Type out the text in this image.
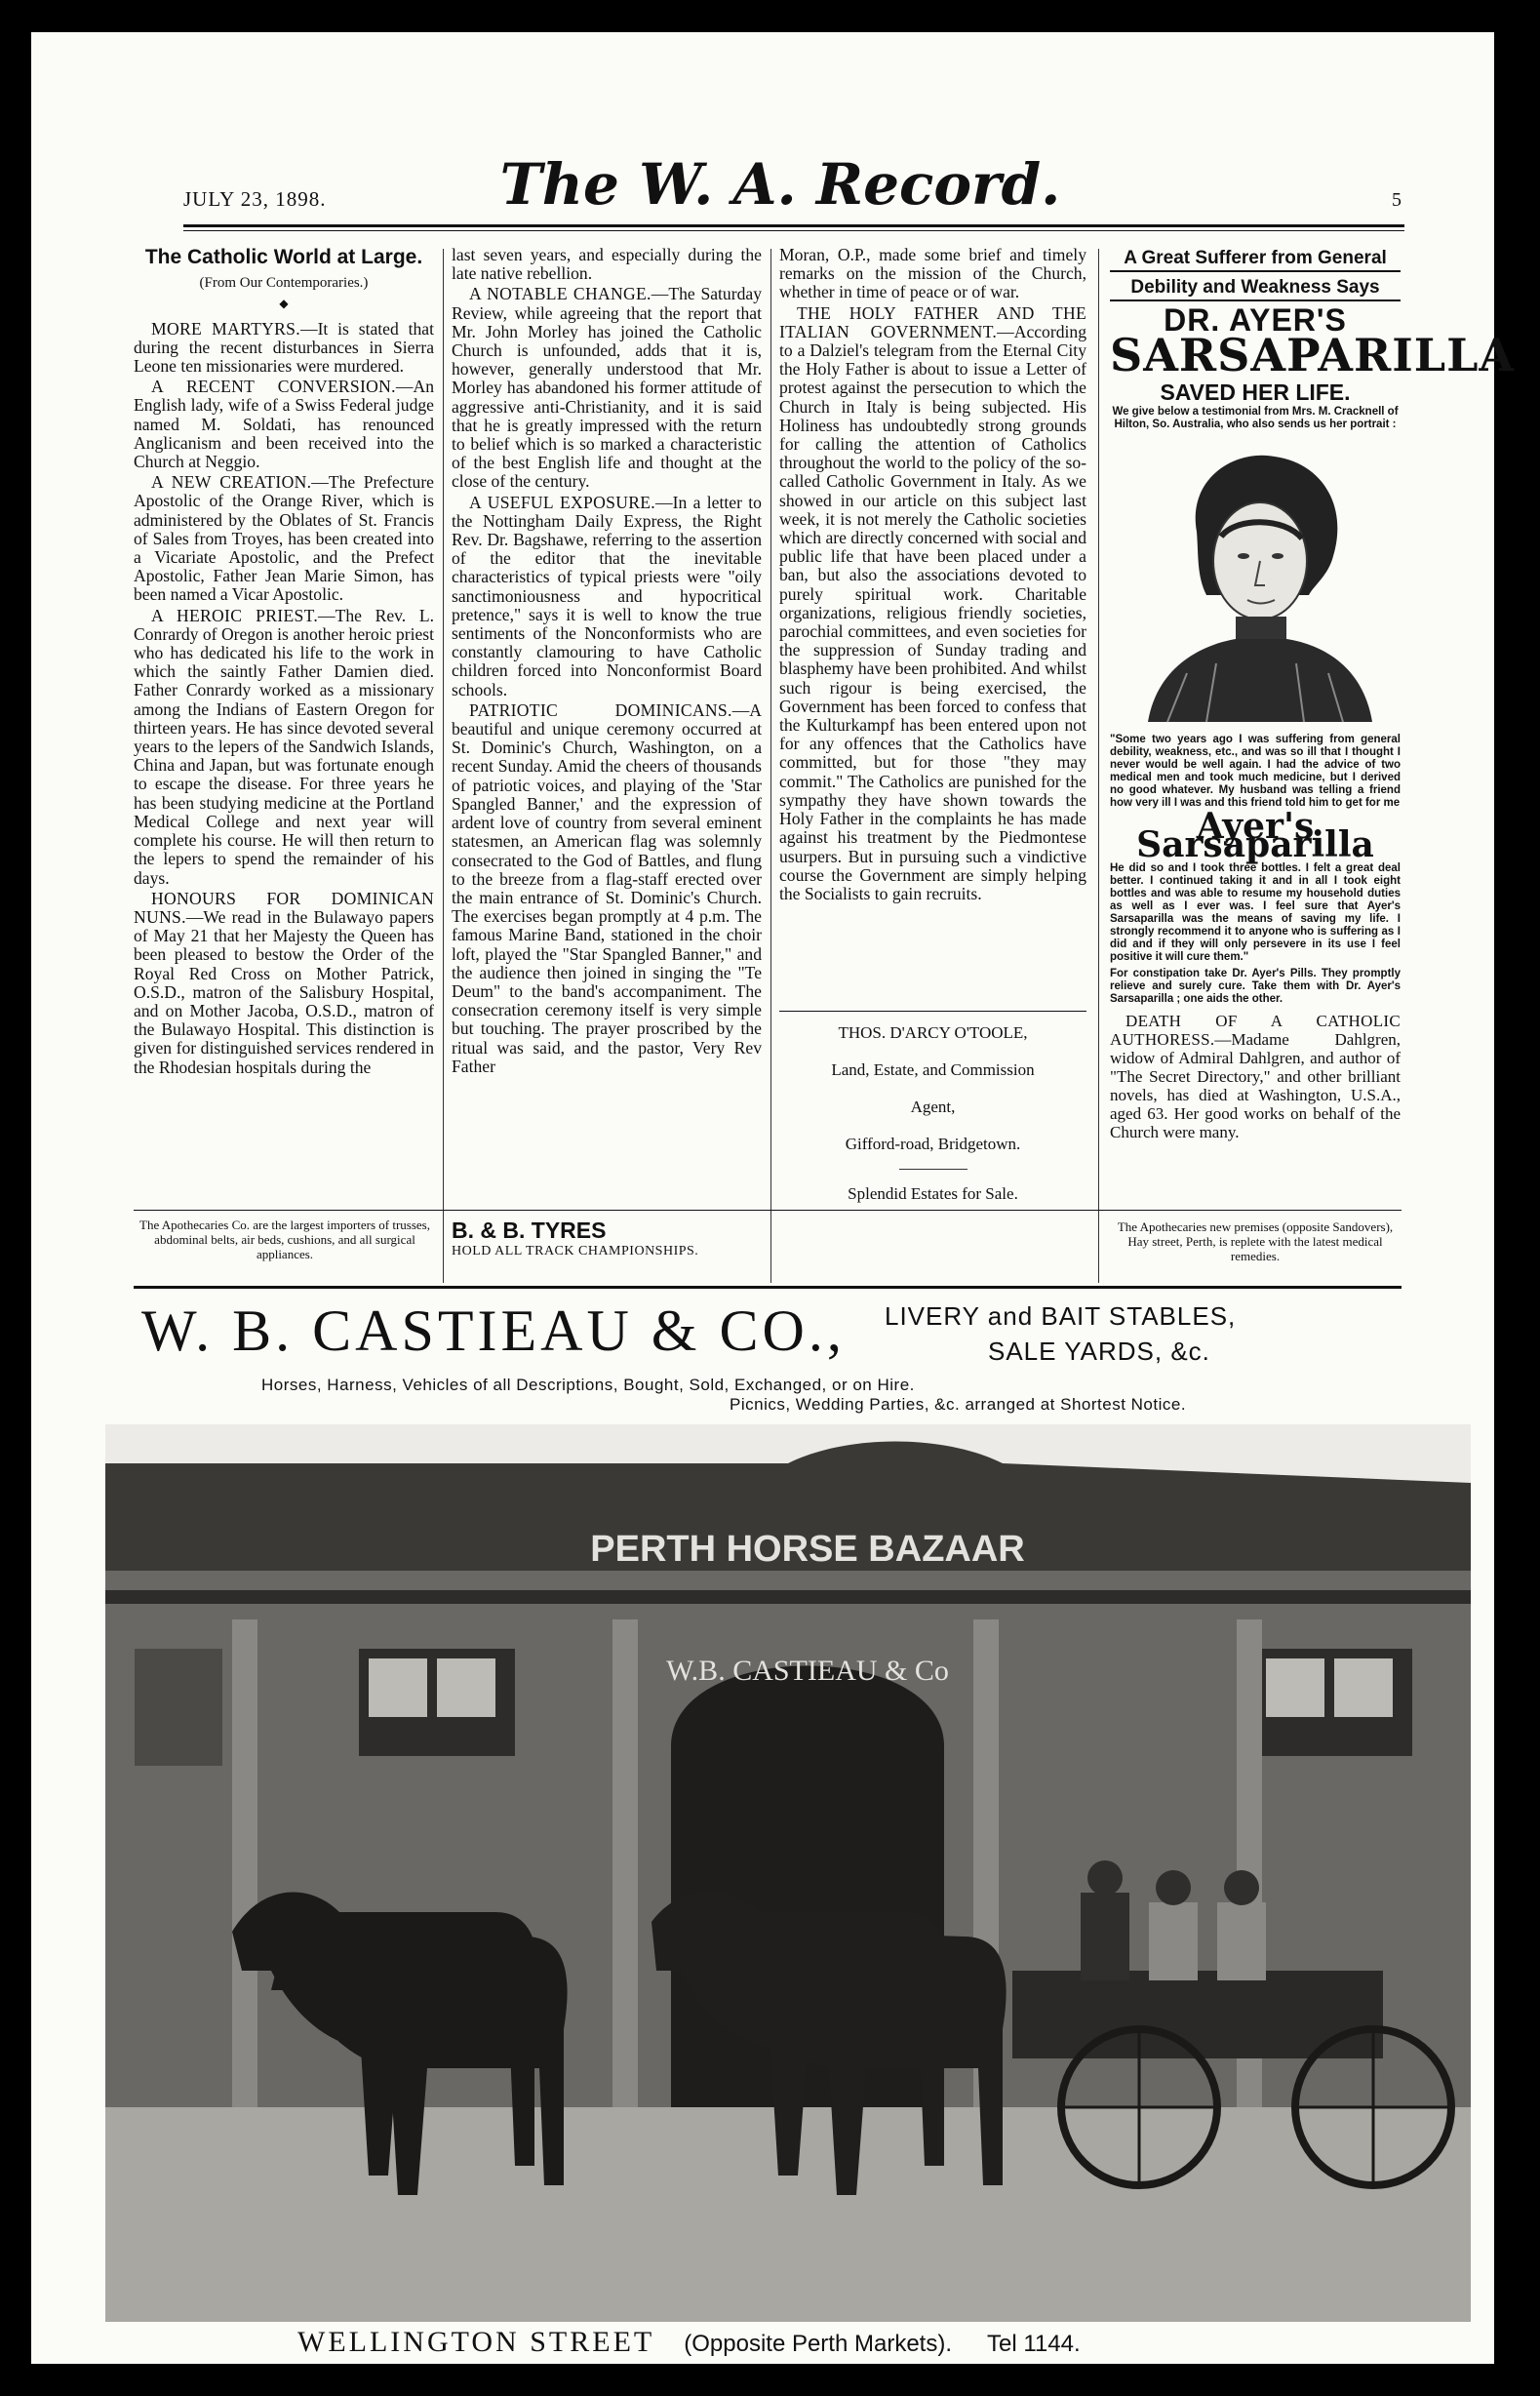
JULY 23, 1898.	The W. A. Record.	5
The Catholic World at Large.
(From Our Contemporaries.)
◆

MORE MARTYRS.—It is stated that during the recent disturbances in Sierra Leone ten missionaries were murdered.

A RECENT CONVERSION.—An English lady, wife of a Swiss Federal judge named M. Soldati, has renounced Anglicanism and been received into the Church at Neggio.

A NEW CREATION.—The Prefecture Apostolic of the Orange River, which is administered by the Oblates of St. Francis of Sales from Troyes, has been created into a Vicariate Apostolic, and the Prefect Apostolic, Father Jean Marie Simon, has been named a Vicar Apostolic.

A HEROIC PRIEST.—The Rev. L. Conrardy of Oregon is another heroic priest who has dedicated his life to the work in which the saintly Father Damien died. Father Conrardy worked as a missionary among the Indians of Eastern Oregon for thirteen years. He has since devoted several years to the lepers of the Sandwich Islands, China and Japan, but was fortunate enough to escape the disease. For three years he has been studying medicine at the Portland Medical College and next year will complete his course. He will then return to the lepers to spend the remainder of his days.

HONOURS FOR DOMINICAN NUNS.—We read in the Bulawayo papers of May 21 that her Majesty the Queen has been pleased to bestow the Order of the Royal Red Cross on Mother Patrick, O.S.D., matron of the Salisbury Hospital, and on Mother Jacoba, O.S.D., matron of the Bulawayo Hospital. This distinction is given for distinguished services rendered in the Rhodesian hospitals during the

last seven years, and especially during the late native rebellion.

A NOTABLE CHANGE.—The Saturday Review, while agreeing that the report that Mr. John Morley has joined the Catholic Church is unfounded, adds that it is, however, generally understood that Mr. Morley has abandoned his former attitude of aggressive anti-Christianity, and it is said that he is greatly impressed with the return to belief which is so marked a characteristic of the best English life and thought at the close of the century.

A USEFUL EXPOSURE.—In a letter to the Nottingham Daily Express, the Right Rev. Dr. Bagshawe, referring to the assertion of the editor that the inevitable characteristics of typical priests were "oily sanctimoniousness and hypocritical pretence," says it is well to know the true sentiments of the Nonconformists who are constantly clamouring to have Catholic children forced into Nonconformist Board schools.

PATRIOTIC DOMINICANS.—A beautiful and unique ceremony occurred at St. Dominic's Church, Washington, on a recent Sunday. Amid the cheers of thousands of patriotic voices, and playing of the 'Star Spangled Banner,' and the expression of ardent love of country from several eminent statesmen, an American flag was solemnly consecrated to the God of Battles, and flung to the breeze from a flag-staff erected over the main entrance of St. Dominic's Church. The exercises began promptly at 4 p.m. The famous Marine Band, stationed in the choir loft, played the "Star Spangled Banner," and the audience then joined in singing the "Te Deum" to the band's accompaniment. The consecration ceremony itself is very simple but touching. The prayer proscribed by the ritual was said, and the pastor, Very Rev Father

Moran, O.P., made some brief and timely remarks on the mission of the Church, whether in time of peace or of war.

THE HOLY FATHER AND THE ITALIAN GOVERNMENT.—According to a Dalziel's telegram from the Eternal City the Holy Father is about to issue a Letter of protest against the persecution to which the Church in Italy is being subjected. His Holiness has undoubtedly strong grounds for calling the attention of Catholics throughout the world to the policy of the so-called Catholic Government in Italy. As we showed in our article on this subject last week, it is not merely the Catholic societies which are directly concerned with social and public life that have been placed under a ban, but also the associations devoted to purely spiritual work. Charitable organizations, religious friendly societies, parochial committees, and even societies for the suppression of Sunday trading and blasphemy have been prohibited. And whilst such rigour is being exercised, the Government has been forced to confess that the Kulturkampf has been entered upon not for any offences that the Catholics have committed, but for those "they may commit." The Catholics are punished for the sympathy they have shown towards the Holy Father in the complaints he has made against his treatment by the Piedmontese usurpers. But in pursuing such a vindictive course the Government are simply helping the Socialists to gain recruits.

THOS. D'ARCY O'TOOLE,
Land, Estate, and Commission
Agent,
Gifford-road, Bridgetown.
Splendid Estates for Sale.
A Great Sufferer from General
Debility and Weakness Says
DR. AYER'S
SARSAPARILLA
SAVED HER LIFE.
We give below a testimonial from Mrs. M. Cracknell of Hilton, So. Australia, who also sends us her portrait :
"Some two years ago I was suffering from general debility, weakness, etc., and was so ill that I thought I never would be well again. I had the advice of two medical men and took much medicine, but I derived no good whatever. My husband was telling a friend how very ill I was and this friend told him to get for me
Ayer's Sarsaparilla
He did so and I took three bottles. I felt a great deal better. I continued taking it and in all I took eight bottles and was able to resume my household duties as well as I ever was. I feel sure that Ayer's Sarsaparilla was the means of saving my life. I strongly recommend it to anyone who is suffering as I did and if they will only persevere in its use I feel positive it will cure them."
For constipation take Dr. Ayer's Pills. They promptly relieve and surely cure. Take them with Dr. Ayer's Sarsaparilla ; one aids the other.

DEATH OF A CATHOLIC AUTHORESS.—Madame Dahlgren, widow of Admiral Dahlgren, and author of "The Secret Directory," and other brilliant novels, has died at Washington, U.S.A., aged 63. Her good works on behalf of the Church were many.

The Apothecaries Co. are the largest importers of trusses, abdominal belts, air beds, cushions, and all surgical appliances.
B. & B. TYRES
HOLD ALL TRACK CHAMPIONSHIPS.
The Apothecaries new premises (opposite Sandovers), Hay street, Perth, is replete with the latest medical remedies.
W. B. CASTIEAU & CO., LIVERY and BAIT STABLES,
SALE YARDS, &c.
Horses, Harness, Vehicles of all Descriptions, Bought, Sold, Exchanged, or on Hire.
Picnics, Wedding Parties, &c. arranged at Shortest Notice.
PERTH HORSE BAZAAR
W.B. CASTIEAU & Co
WELLINGTON STREET (Opposite Perth Markets). Tel 1144.
